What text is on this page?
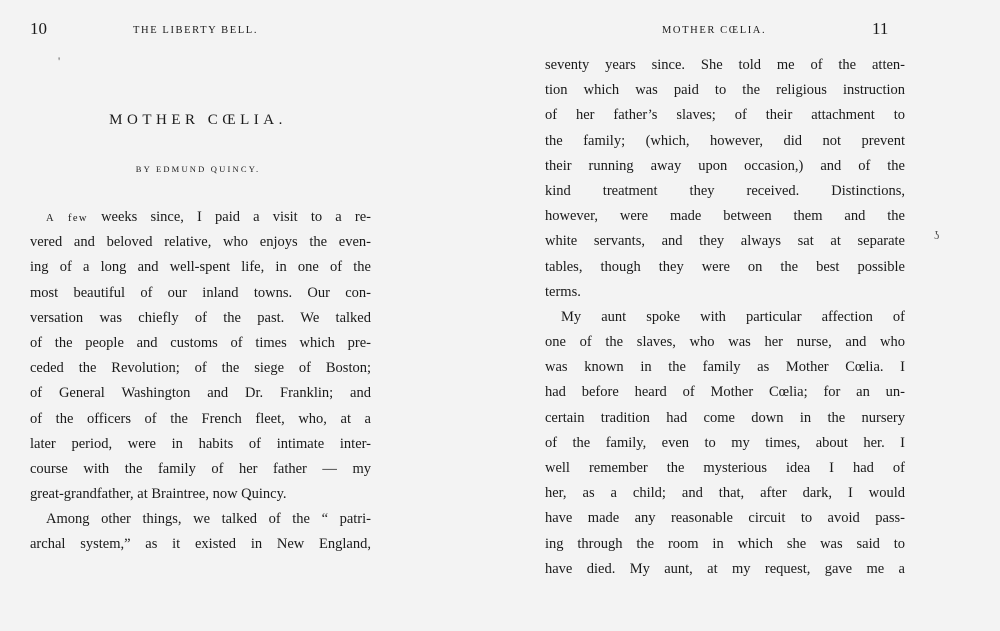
10	THE LIBERTY BELL.
'
MOTHER CŒLIA.
BY EDMUND QUINCY.
A few weeks since, I paid a visit to a re-
vered and beloved relative, who enjoys the even-
ing of a long and well-spent life, in one of the
most beautiful of our inland towns. Our con-
versation was chiefly of the past. We talked
of the people and customs of times which pre-
ceded the Revolution; of the siege of Boston;
of General Washington and Dr. Franklin; and
of the officers of the French fleet, who, at a
later period, were in habits of intimate inter-
course with the family of her father — my
great-grandfather, at Braintree, now Quincy.
Among other things, we talked of the “ patri-
archal system,” as it existed in New England,
MOTHER CŒLIA.	11
ʖ
seventy years since. She told me of the atten-
tion which was paid to the religious instruction
of her father’s slaves; of their attachment to
the family; (which, however, did not prevent
their running away upon occasion,) and of the
kind treatment they received. Distinctions,
however, were made between them and the
white servants, and they always sat at separate
tables, though they were on the best possible
terms.
My aunt spoke with particular affection of
one of the slaves, who was her nurse, and who
was known in the family as Mother Cœlia. I
had before heard of Mother Cœlia; for an un-
certain tradition had come down in the nursery
of the family, even to my times, about her. I
well remember the mysterious idea I had of
her, as a child; and that, after dark, I would
have made any reasonable circuit to avoid pass-
ing through the room in which she was said to
have died. My aunt, at my request, gave me a
